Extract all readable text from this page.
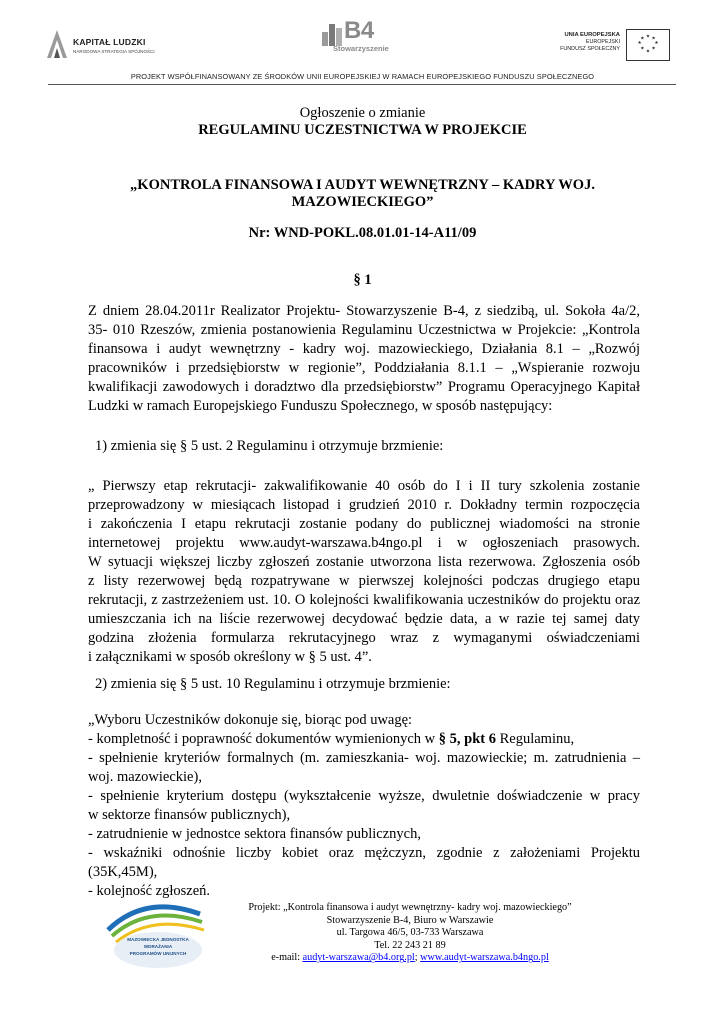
KAPITAŁ LUDZKI
NARODOWA STRATEGIA SPÓJNOŚCI
B4
Stowarzyszenie
UNIA EUROPEJSKA
EUROPEJSKI
FUNDUSZ SPOŁECZNY
★ ★
★
★
★
★
★
★
PROJEKT WSPÓŁFINANSOWANY ZE ŚRODKÓW UNII EUROPEJSKIEJ W RAMACH EUROPEJSKIEGO FUNDUSZU SPOŁECZNEGO
Ogłoszenie o zmianie
REGULAMINU UCZESTNICTWA W PROJEKCIE
„KONTROLA FINANSOWA I AUDYT WEWNĘTRZNY – KADRY WOJ.
MAZOWIECKIEGO”
Nr: WND-POKL.08.01.01-14-A11/09
§ 1
Z dniem 28.04.2011r Realizator Projektu- Stowarzyszenie B-4, z siedzibą, ul. Sokoła 4a/2,
35- 010 Rzeszów, zmienia postanowienia Regulaminu Uczestnictwa w Projekcie: „Kontrola
finansowa i audyt wewnętrzny - kadry woj. mazowieckiego, Działania 8.1 – „Rozwój
pracowników i przedsiębiorstw w regionie”, Poddziałania 8.1.1 – „Wspieranie rozwoju
kwalifikacji zawodowych i doradztwo dla przedsiębiorstw” Programu Operacyjnego Kapitał
Ludzki w ramach Europejskiego Funduszu Społecznego, w sposób następujący:
1) zmienia się § 5 ust. 2 Regulaminu i otrzymuje brzmienie:
„ Pierwszy etap rekrutacji- zakwalifikowanie 40 osób do I i II tury szkolenia zostanie
przeprowadzony w miesiącach listopad i grudzień 2010 r. Dokładny termin rozpoczęcia
i zakończenia I etapu rekrutacji zostanie podany do publicznej wiadomości na stronie
internetowej projektu www.audyt-warszawa.b4ngo.pl i w ogłoszeniach prasowych.
W sytuacji większej liczby zgłoszeń zostanie utworzona lista rezerwowa. Zgłoszenia osób
z listy rezerwowej będą rozpatrywane w pierwszej kolejności podczas drugiego etapu
rekrutacji, z zastrzeżeniem ust. 10. O kolejności kwalifikowania uczestników do projektu oraz
umieszczania ich na liście rezerwowej decydować będzie data, a w razie tej samej daty
godzina złożenia formularza rekrutacyjnego wraz z wymaganymi oświadczeniami
i załącznikami w sposób określony w § 5 ust. 4”.
2) zmienia się § 5 ust. 10 Regulaminu i otrzymuje brzmienie:
„Wyboru Uczestników dokonuje się, biorąc pod uwagę:
- kompletność i poprawność dokumentów wymienionych w § 5, pkt 6 Regulaminu,
- spełnienie kryteriów formalnych (m. zamieszkania- woj. mazowieckie; m. zatrudnienia –
woj. mazowieckie),
- spełnienie kryterium dostępu (wykształcenie wyższe, dwuletnie doświadczenie w pracy
w sektorze finansów publicznych),
- zatrudnienie w jednostce sektora finansów publicznych,
- wskaźniki odnośnie liczby kobiet oraz mężczyzn, zgodnie z założeniami Projektu
(35K,45M),
- kolejność zgłoszeń.
MAZOWIECKA JEDNOSTKA
WDRAŻANIA
PROGRAMÓW UNIJNYCH
Projekt: „Kontrola finansowa i audyt wewnętrzny- kadry woj. mazowieckiego”
Stowarzyszenie B-4, Biuro w Warszawie
ul. Targowa 46/5, 03-733 Warszawa
Tel. 22 243 21 89
e-mail: audyt-warszawa@b4.org.pl; www.audyt-warszawa.b4ngo.pl
